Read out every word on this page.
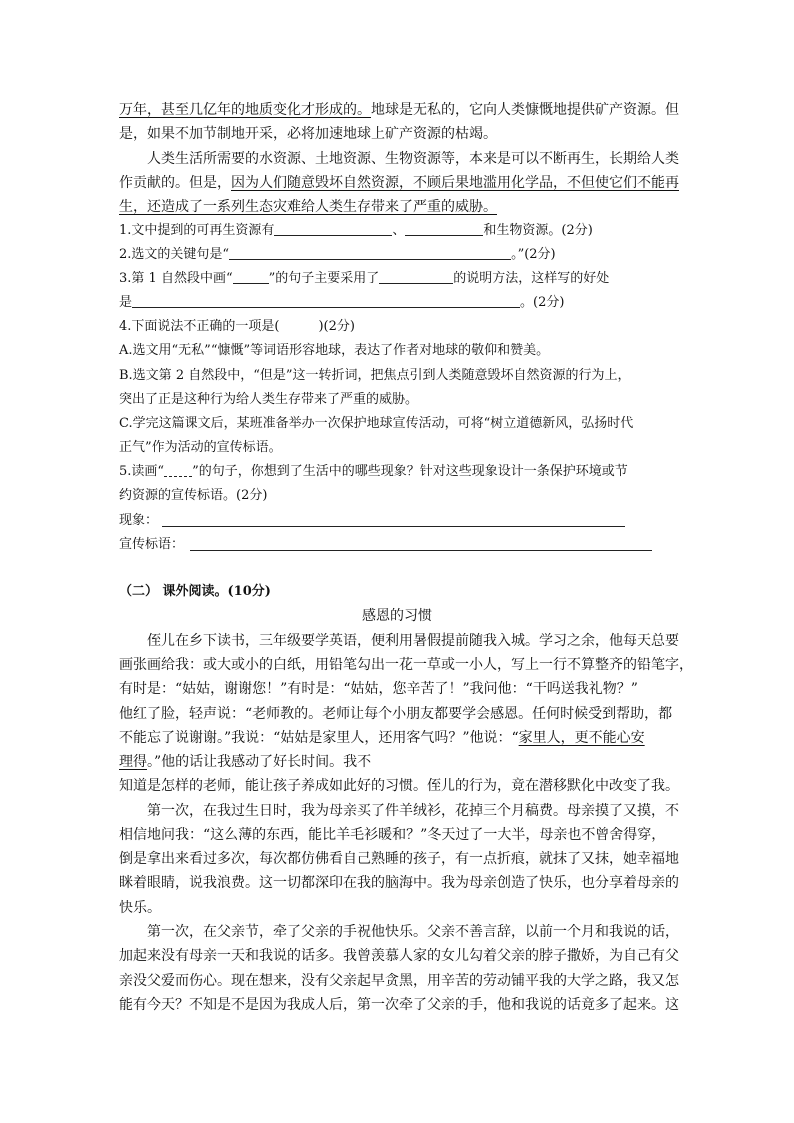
万年，甚至几亿年的地质变化才形成的。地球是无私的，它向人类慷慨地提供矿产资源。但
是，如果不加节制地开采，必将加速地球上矿产资源的枯竭。
人类生活所需要的水资源、土地资源、生物资源等，本来是可以不断再生，长期给人类
作贡献的。但是，因为人们随意毁坏自然资源，不顾后果地滥用化学品，不但使它们不能再
生，还造成了一系列生态灾难给人类生存带来了严重的威胁。
1.文中提到的可再生资源有	、	和生物资源。(2分)
2.选文的关键句是“	。”(2分)
3.第 1 自然段中画“	”的句子主要采用了	的说明方法，这样写的好处
是	。(2分)
4.下面说法不正确的一项是(　　　)(2分)
A.选文用“无私”“慷慨”等词语形容地球，表达了作者对地球的敬仰和赞美。
B.选文第 2 自然段中，“但是”这一转折词，把焦点引到人类随意毁坏自然资源的行为上，
突出了正是这种行为给人类生存带来了严重的威胁。
C.学完这篇课文后，某班准备举办一次保护地球宣传活动，可将“树立道德新风，弘扬时代
正气”作为活动的宣传标语。
5.读画“ ”的句子，你想到了生活中的哪些现象？针对这些现象设计一条保护环境或节
约资源的宣传标语。(2分)
现象：
宣传标语：
（二） 课外阅读。(10分)
感恩的习惯
侄儿在乡下读书，三年级要学英语，便利用暑假提前随我入城。学习之余，他每天总要
画张画给我：或大或小的白纸，用铅笔勾出一花一草或一小人，写上一行不算整齐的铅笔字，
有时是：“姑姑，谢谢您！”有时是：“姑姑，您辛苦了！”我问他：“干吗送我礼物？”
他红了脸，轻声说：“老师教的。老师让每个小朋友都要学会感恩。任何时候受到帮助，都
不能忘了说谢谢。”我说：“姑姑是家里人，还用客气吗？”他说：“家里人，更不能心安
理得。”他的话让我感动了好长时间。我不
知道是怎样的老师，能让孩子养成如此好的习惯。侄儿的行为，竟在潜移默化中改变了我。
第一次，在我过生日时，我为母亲买了件羊绒衫，花掉三个月稿费。母亲摸了又摸，不
相信地问我：“这么薄的东西，能比羊毛衫暖和？”冬天过了一大半，母亲也不曾舍得穿，
倒是拿出来看过多次，每次都仿佛看自己熟睡的孩子，有一点折痕，就抹了又抹，她幸福地
眯着眼睛，说我浪费。这一切都深印在我的脑海中。我为母亲创造了快乐，也分享着母亲的
快乐。
第一次，在父亲节，牵了父亲的手祝他快乐。父亲不善言辞，以前一个月和我说的话，
加起来没有母亲一天和我说的话多。我曾羡慕人家的女儿勾着父亲的脖子撒娇，为自己有父
亲没父爱而伤心。现在想来，没有父亲起早贪黑，用辛苦的劳动铺平我的大学之路，我又怎
能有今天？不知是不是因为我成人后，第一次牵了父亲的手，他和我说的话竟多了起来。这
